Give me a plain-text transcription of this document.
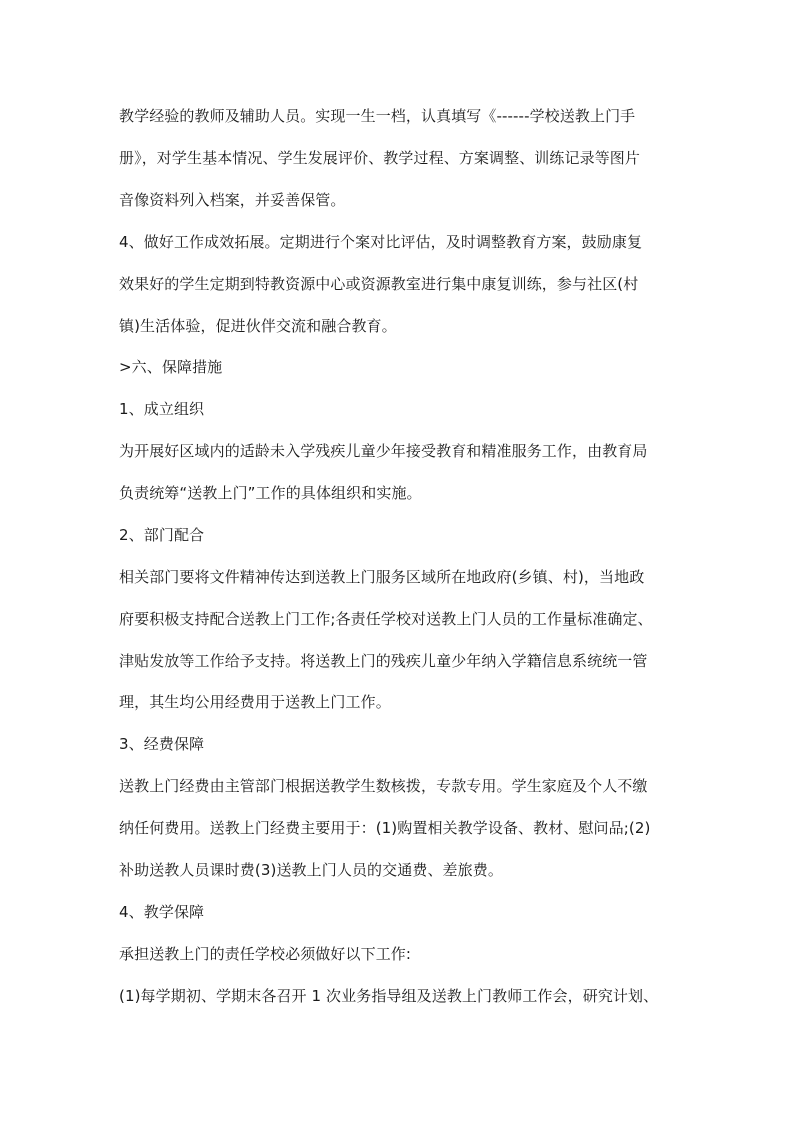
教学经验的教师及辅助人员。实现一生一档，认真填写《------学校送教上门手
册》，对学生基本情况、学生发展评价、教学过程、方案调整、训练记录等图片
音像资料列入档案，并妥善保管。
4、做好工作成效拓展。定期进行个案对比评估，及时调整教育方案，鼓励康复
效果好的学生定期到特教资源中心或资源教室进行集中康复训练，参与社区(村
镇)生活体验，促进伙伴交流和融合教育。
>六、保障措施
1、成立组织
为开展好区域内的适龄未入学残疾儿童少年接受教育和精准服务工作，由教育局
负责统筹“送教上门”工作的具体组织和实施。
2、部门配合
相关部门要将文件精神传达到送教上门服务区域所在地政府(乡镇、村)，当地政
府要积极支持配合送教上门工作;各责任学校对送教上门人员的工作量标准确定、
津贴发放等工作给予支持。将送教上门的残疾儿童少年纳入学籍信息系统统一管
理，其生均公用经费用于送教上门工作。
3、经费保障
送教上门经费由主管部门根据送教学生数核拨，专款专用。学生家庭及个人不缴
纳任何费用。送教上门经费主要用于：(1)购置相关教学设备、教材、慰问品;(2)
补助送教人员课时费(3)送教上门人员的交通费、差旅费。
4、教学保障
承担送教上门的责任学校必须做好以下工作:
(1)每学期初、学期末各召开 1 次业务指导组及送教上门教师工作会，研究计划、
